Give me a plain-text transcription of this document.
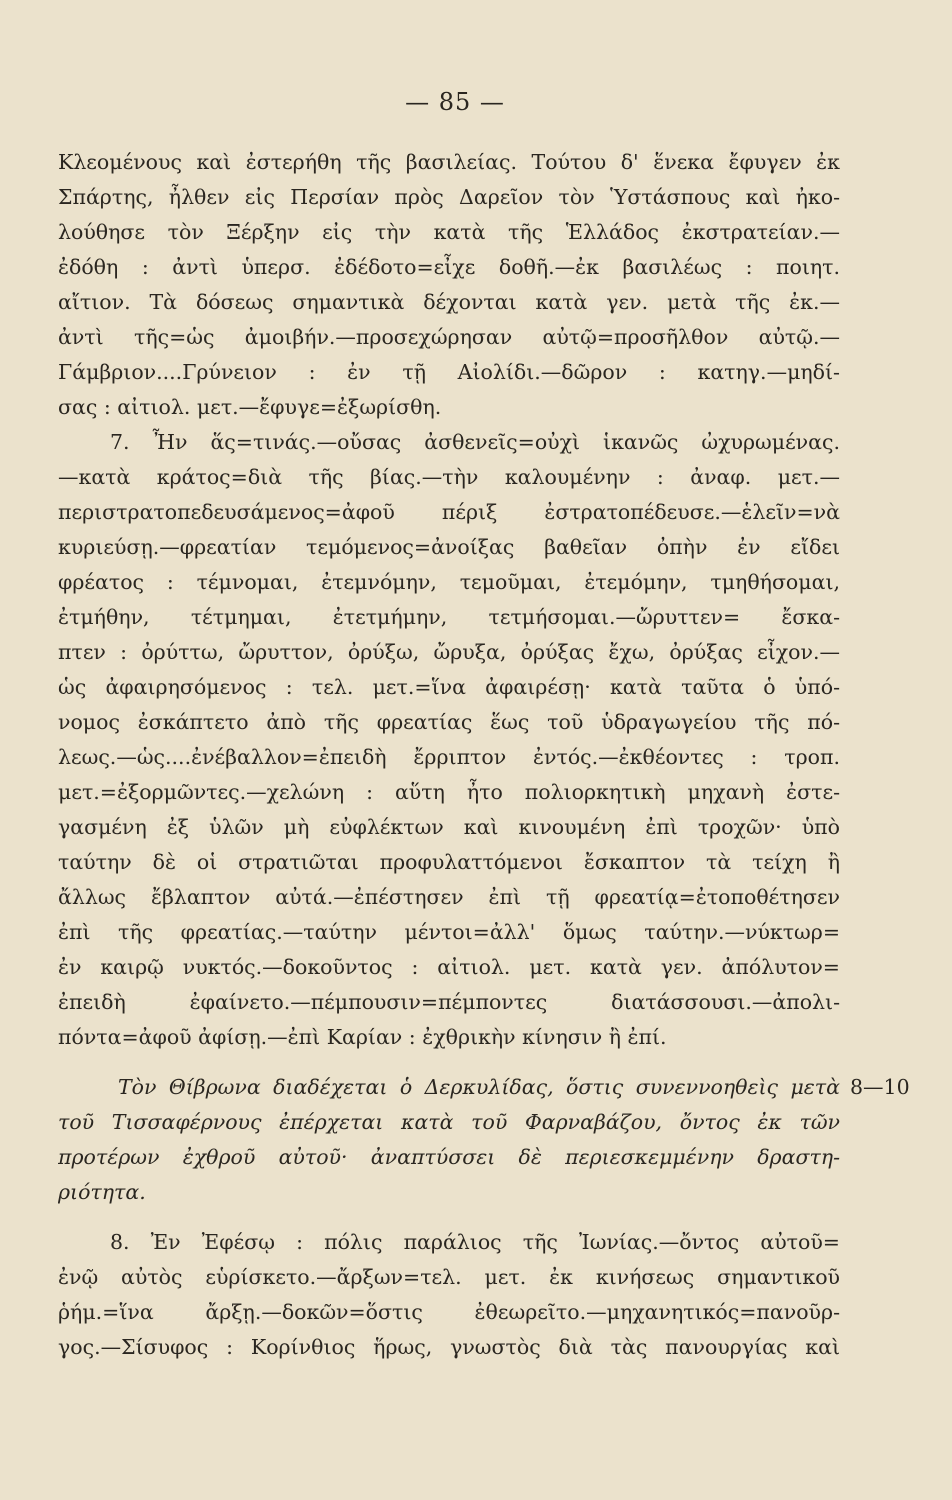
— 85 —
Κλεομένους καὶ ἐστερήθη τῆς βασιλείας. Τούτου δ' ἕνεκα ἔφυγεν ἐκ
Σπάρτης, ἦλθεν εἰς Περσίαν πρὸς Δαρεῖον τὸν Ὑστάσπους καὶ ἠκο-
λούθησε τὸν Ξέρξην εἰς τὴν κατὰ τῆς Ἑλλάδος ἐκστρατείαν.—
ἐδόθη : ἀντὶ ὑπερσ. ἐδέδοτο=εἶχε δοθῆ.—ἐκ βασιλέως : ποιητ.
αἴτιον. Τὰ δόσεως σημαντικὰ δέχονται κατὰ γεν. μετὰ τῆς ἐκ.—
ἀντὶ τῆς=ὡς ἀμοιβήν.—προσεχώρησαν αὐτῷ=προσῆλθον αὐτῷ.—
Γάμβριον....Γρύνειον : ἐν τῇ Αἰολίδι.—δῶρον : κατηγ.—μηδί-
σας : αἰτιολ. μετ.—ἔφυγε=ἐξωρίσθη.
7. Ἦν ἅς=τινάς.—οὔσας ἀσθενεῖς=οὐχὶ ἱκανῶς ὠχυρωμένας.
—κατὰ κράτος=διὰ τῆς βίας.—τὴν καλουμένην : ἀναφ. μετ.—
περιστρατοπεδευσάμενος=ἀφοῦ πέριξ ἐστρατοπέδευσε.—ἑλεῖν=νὰ
κυριεύσῃ.—φρεατίαν τεμόμενος=ἀνοίξας βαθεῖαν ὀπὴν ἐν εἴδει
φρέατος : τέμνομαι, ἐτεμνόμην, τεμοῦμαι, ἐτεμόμην, τμηθήσομαι,
ἐτμήθην, τέτμημαι, ἐτετμήμην, τετμήσομαι.—ὤρυττεν= ἔσκα-
πτεν : ὀρύττω, ὤρυττον, ὀρύξω, ὤρυξα, ὀρύξας ἔχω, ὀρύξας εἶχον.—
ὡς ἀφαιρησόμενος : τελ. μετ.=ἵνα ἀφαιρέσῃ· κατὰ ταῦτα ὁ ὑπό-
νομος ἐσκάπτετο ἀπὸ τῆς φρεατίας ἕως τοῦ ὑδραγωγείου τῆς πό-
λεως.—ὡς....ἐνέβαλλον=ἐπειδὴ ἔρριπτον ἐντός.—ἐκθέοντες : τροπ.
μετ.=ἐξορμῶντες.—χελώνη : αὕτη ἦτο πολιορκητικὴ μηχανὴ ἐστε-
γασμένη ἐξ ὑλῶν μὴ εὐφλέκτων καὶ κινουμένη ἐπὶ τροχῶν· ὑπὸ
ταύτην δὲ οἱ στρατιῶται προφυλαττόμενοι ἔσκαπτον τὰ τείχη ἢ
ἄλλως ἔβλαπτον αὐτά.—ἐπέστησεν ἐπὶ τῇ φρεατίᾳ=ἐτοποθέτησεν
ἐπὶ τῆς φρεατίας.—ταύτην μέντοι=ἀλλ' ὅμως ταύτην.—νύκτωρ=
ἐν καιρῷ νυκτός.—δοκοῦντος : αἰτιολ. μετ. κατὰ γεν. ἀπόλυτον=
ἐπειδὴ ἐφαίνετο.—πέμπουσιν=πέμποντες διατάσσουσι.—ἀπολι-
πόντα=ἀφοῦ ἀφίσῃ.—ἐπὶ Καρίαν : ἐχθρικὴν κίνησιν ἢ ἐπί.
Τὸν Θίβρωνα διαδέχεται ὁ Δερκυλίδας, ὅστις συνεννοηθεὶς μετὰ 8—10
τοῦ Τισσαφέρνους ἐπέρχεται κατὰ τοῦ Φαρναβάζου, ὄντος ἐκ τῶν
προτέρων ἐχθροῦ αὐτοῦ· ἀναπτύσσει δὲ περιεσκεμμένην δραστη-
ριότητα.
8. Ἐν Ἐφέσῳ : πόλις παράλιος τῆς Ἰωνίας.—ὄντος αὐτοῦ=
ἐνῷ αὐτὸς εὑρίσκετο.—ἄρξων=τελ. μετ. ἐκ κινήσεως σημαντικοῦ
ῥήμ.=ἵνα ἄρξῃ.—δοκῶν=ὅστις ἐθεωρεῖτο.—μηχανητικός=πανοῦρ-
γος.—Σίσυφος : Κορίνθιος ἥρως, γνωστὸς διὰ τὰς πανουργίας καὶ
